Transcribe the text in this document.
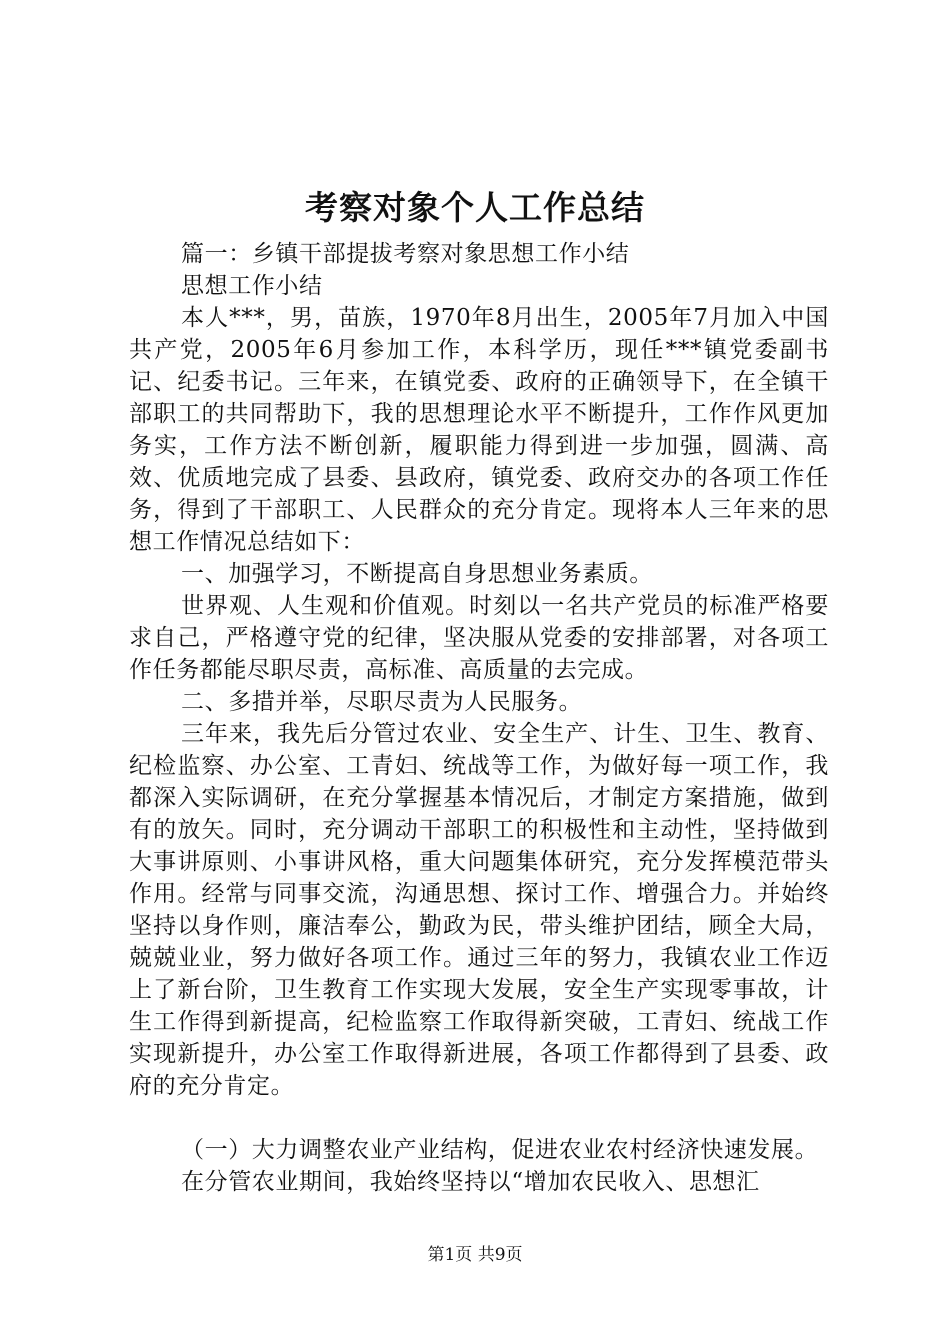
考察对象个人工作总结

篇一：乡镇干部提拔考察对象思想工作小结

思想工作小结

本人***，男，苗族，1970年8月出生，2005年7月加入中国共产党，2005年6月参加工作，本科学历，现任***镇党委副书记、纪委书记。三年来，在镇党委、政府的正确领导下，在全镇干部职工的共同帮助下，我的思想理论水平不断提升，工作作风更加务实，工作方法不断创新，履职能力得到进一步加强，圆满、高效、优质地完成了县委、县政府，镇党委、政府交办的各项工作任务，得到了干部职工、人民群众的充分肯定。现将本人三年来的思想工作情况总结如下：

一、加强学习，不断提高自身思想业务素质。

世界观、人生观和价值观。时刻以一名共产党员的标准严格要求自己，严格遵守党的纪律，坚决服从党委的安排部署，对各项工作任务都能尽职尽责，高标准、高质量的去完成。

二、多措并举，尽职尽责为人民服务。

三年来，我先后分管过农业、安全生产、计生、卫生、教育、纪检监察、办公室、工青妇、统战等工作，为做好每一项工作，我都深入实际调研，在充分掌握基本情况后，才制定方案措施，做到有的放矢。同时，充分调动干部职工的积极性和主动性，坚持做到大事讲原则、小事讲风格，重大问题集体研究，充分发挥模范带头作用。经常与同事交流，沟通思想、探讨工作、增强合力。并始终坚持以身作则，廉洁奉公，勤政为民，带头维护团结，顾全大局，兢兢业业，努力做好各项工作。通过三年的努力，我镇农业工作迈上了新台阶，卫生教育工作实现大发展，安全生产实现零事故，计生工作得到新提高，纪检监察工作取得新突破，工青妇、统战工作实现新提升，办公室工作取得新进展，各项工作都得到了县委、政府的充分肯定。

（一）大力调整农业产业结构，促进农业农村经济快速发展。

在分管农业期间，我始终坚持以“增加农民收入、思想汇

第1页 共9页
